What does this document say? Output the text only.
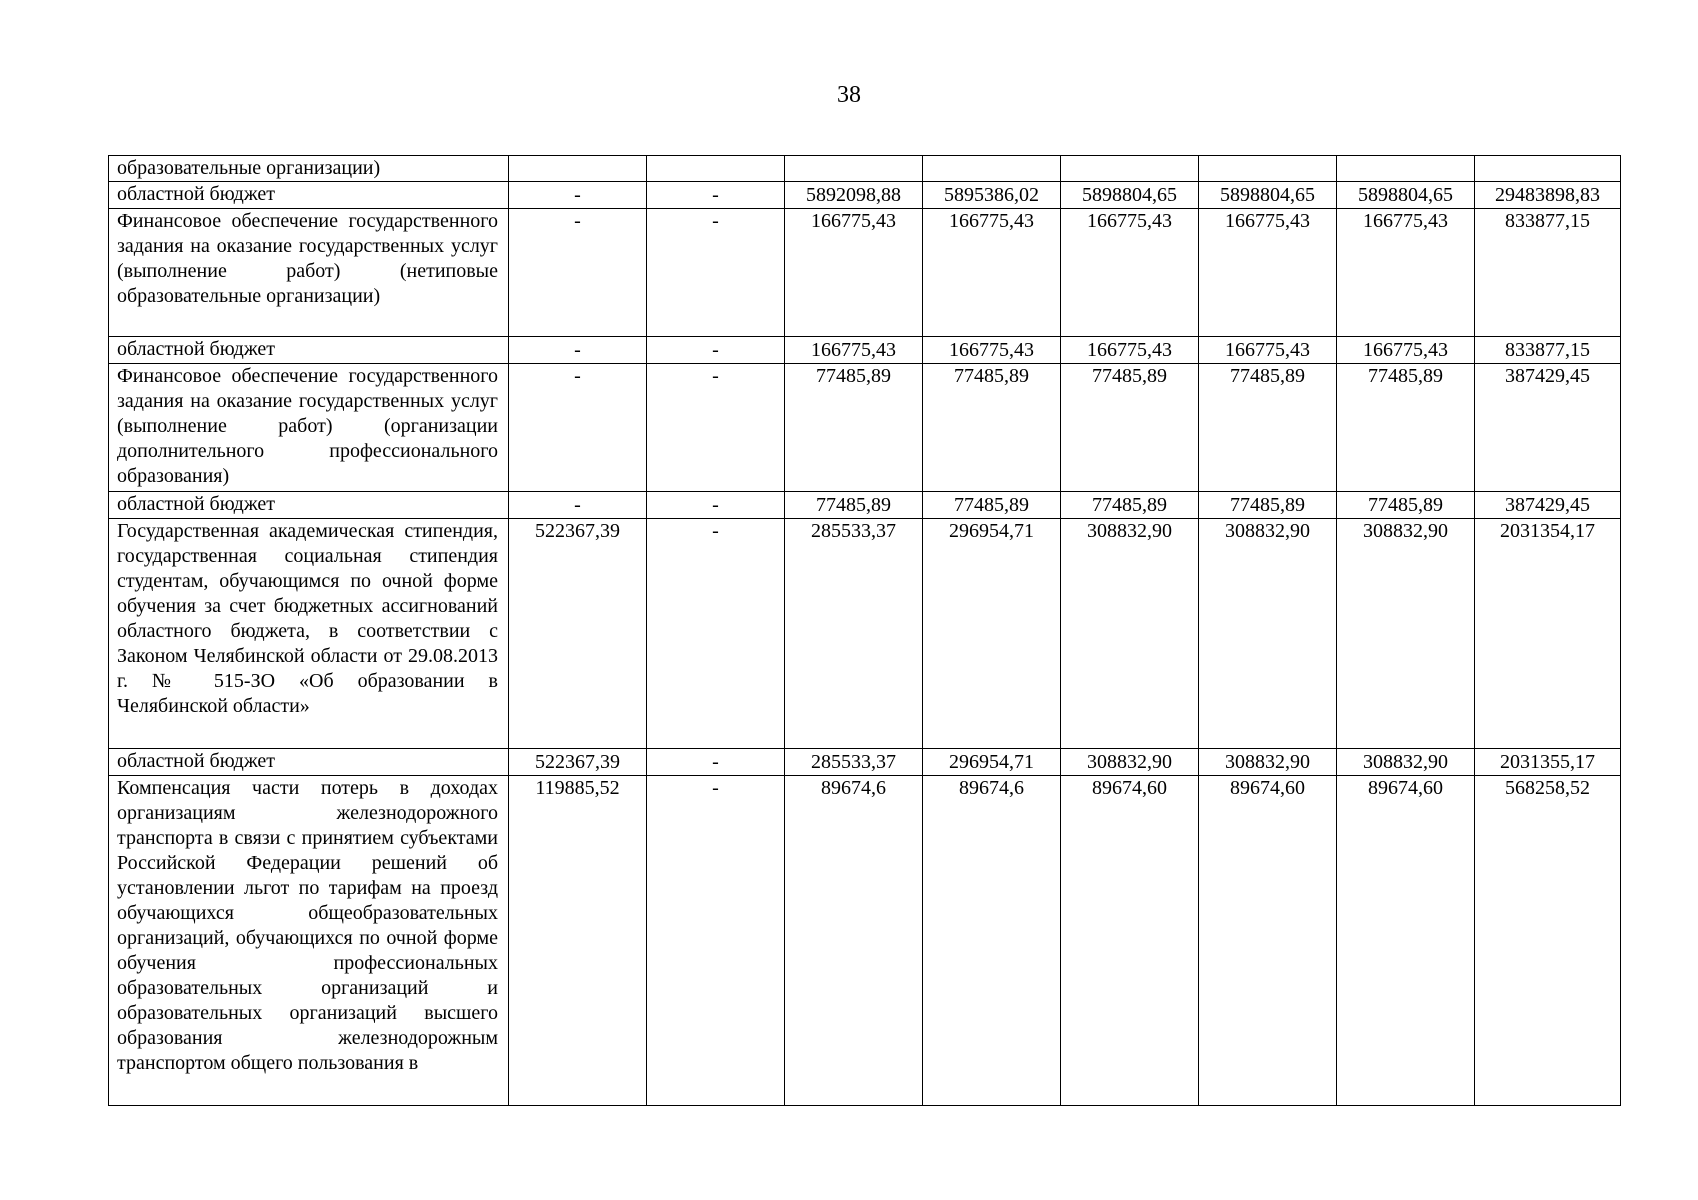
38
образовательные организации)								
областной бюджет	-	-	5892098,88	5895386,02	5898804,65	5898804,65	5898804,65	29483898,83
Финансовое обеспечение государственного задания на оказание государственных услуг (выполнение работ) (нетиповые образовательные организации)	-	-	166775,43	166775,43	166775,43	166775,43	166775,43	833877,15
областной бюджет	-	-	166775,43	166775,43	166775,43	166775,43	166775,43	833877,15
Финансовое обеспечение государственного задания на оказание государственных услуг (выполнение работ) (организации дополнительного профессионального образования)	-	-	77485,89	77485,89	77485,89	77485,89	77485,89	387429,45
областной бюджет	-	-	77485,89	77485,89	77485,89	77485,89	77485,89	387429,45
Государственная академическая стипендия, государственная социальная стипендия студентам, обучающимся по очной форме обучения за счет бюджетных ассигнований областного бюджета, в соответствии с Законом Челябинской области от 29.08.2013 г. № 515-ЗО «Об образовании в Челябинской области»	522367,39	-	285533,37	296954,71	308832,90	308832,90	308832,90	2031354,17
областной бюджет	522367,39	-	285533,37	296954,71	308832,90	308832,90	308832,90	2031355,17
Компенсация части потерь в доходах организациям железнодорожного транспорта в связи с принятием субъектами Российской Федерации решений об установлении льгот по тарифам на проезд обучающихся общеобразовательных организаций, обучающихся по очной форме обучения профессиональных образовательных организаций и образовательных организаций высшего образования железнодорожным транспортом общего пользования в	119885,52	-	89674,6	89674,6	89674,60	89674,60	89674,60	568258,52
